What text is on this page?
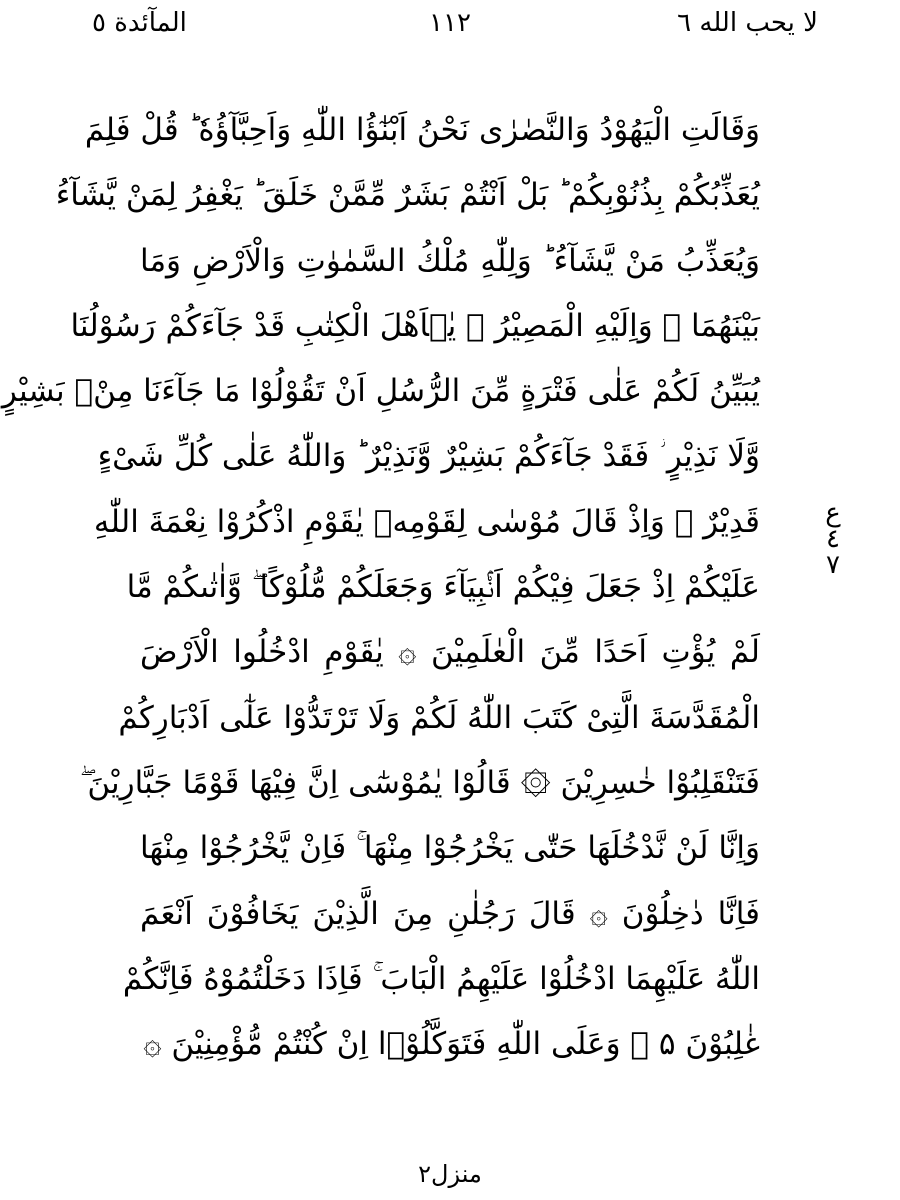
لا يحب الله ٦
١١٢
المآئدة ٥
وَقَالَتِ الْيَهُوْدُ وَالنَّصٰرٰى نَحْنُ اَبْنٰٓؤُا اللّٰهِ وَاَحِبَّآؤُهٗ ؕ قُلْ فَلِمَ
يُعَذِّبُكُمْ بِذُنُوْبِكُمْ ؕ بَلْ اَنْتُمْ بَشَرٌ مِّمَّنْ خَلَقَ ؕ يَغْفِرُ لِمَنْ يَّشَآءُ
وَيُعَذِّبُ مَنْ يَّشَآءُ ؕ وَلِلّٰهِ مُلْكُ السَّمٰوٰتِ وَالْاَرْضِ وَمَا
بَيْنَهُمَا ؗ وَاِلَيْهِ الْمَصِيْرُ ۞ يٰۤاَهْلَ الْكِتٰبِ قَدْ جَآءَكُمْ رَسُوْلُنَا
يُبَيِّنُ لَكُمْ عَلٰى فَتْرَةٍ مِّنَ الرُّسُلِ اَنْ تَقُوْلُوْا مَا جَآءَنَا مِنْۢ بَشِيْرٍ
وَّلَا نَذِيْرٍ ؗ فَقَدْ جَآءَكُمْ بَشِيْرٌ وَّنَذِيْرٌ ؕ وَاللّٰهُ عَلٰى كُلِّ شَىْءٍ
قَدِيْرٌ ۞ وَاِذْ قَالَ مُوْسٰى لِقَوْمِهٖ يٰقَوْمِ اذْكُرُوْا نِعْمَةَ اللّٰهِ
عَلَيْكُمْ اِذْ جَعَلَ فِيْكُمْ اَنْۢبِيَآءَ وَجَعَلَكُمْ مُّلُوْكًا ۖ وَّاٰتٰىكُمْ مَّا
لَمْ يُؤْتِ اَحَدًا مِّنَ الْعٰلَمِيْنَ ۞ يٰقَوْمِ ادْخُلُوا الْاَرْضَ
الْمُقَدَّسَةَ الَّتِىْ كَتَبَ اللّٰهُ لَكُمْ وَلَا تَرْتَدُّوْا عَلٰٓى اَدْبَارِكُمْ
فَتَنْقَلِبُوْا خٰسِرِيْنَ ۞ قَالُوْا يٰمُوْسٰٓى اِنَّ فِيْهَا قَوْمًا جَبَّارِيْنَ ۖ
وَاِنَّا لَنْ نَّدْخُلَهَا حَتّٰى يَخْرُجُوْا مِنْهَا ۚ فَاِنْ يَّخْرُجُوْا مِنْهَا
فَاِنَّا دٰخِلُوْنَ ۞ قَالَ رَجُلٰنِ مِنَ الَّذِيْنَ يَخَافُوْنَ اَنْعَمَ
اللّٰهُ عَلَيْهِمَا ادْخُلُوْا عَلَيْهِمُ الْبَابَ ۚ فَاِذَا دَخَلْتُمُوْهُ فَاِنَّكُمْ
غٰلِبُوْنَ ۵ ۚ وَعَلَى اللّٰهِ فَتَوَكَّلُوْۤا اِنْ كُنْتُمْ مُّؤْمِنِيْنَ ۞
ع ٤ ٧
منزل٢
